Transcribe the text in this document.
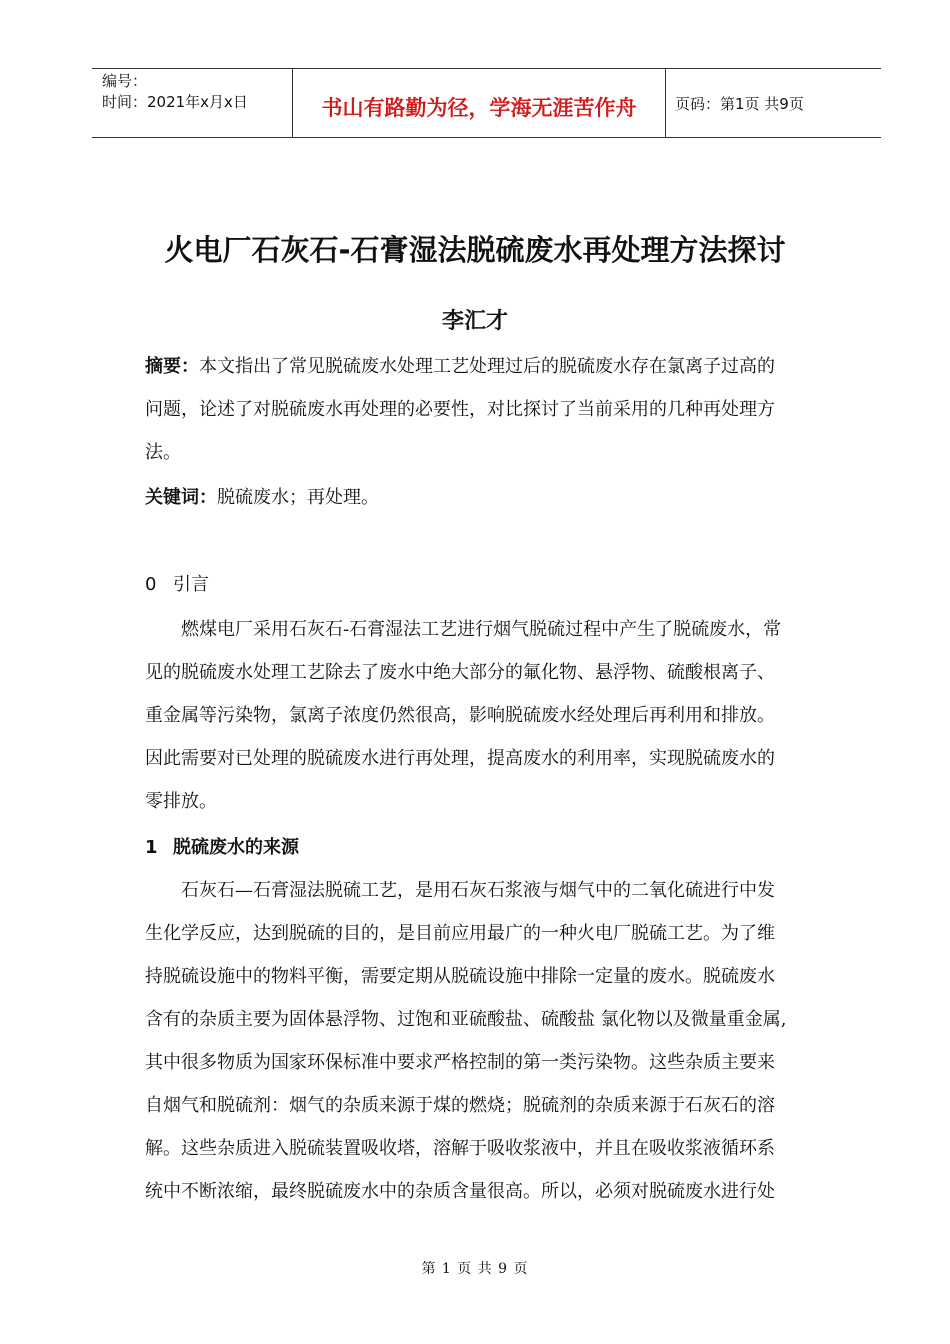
编号：
时间：2021年x月x日	书山有路勤为径，学海无涯苦作舟	页码：第1页 共9页
火电厂石灰石-石膏湿法脱硫废水再处理方法探讨
李汇才
摘要：本文指出了常见脱硫废水处理工艺处理过后的脱硫废水存在氯离子过高的
问题，论述了对脱硫废水再处理的必要性，对比探讨了当前采用的几种再处理方
法。
关键词：脱硫废水；再处理。
0 引言
燃煤电厂采用石灰石-石膏湿法工艺进行烟气脱硫过程中产生了脱硫废水，常
见的脱硫废水处理工艺除去了废水中绝大部分的氟化物、悬浮物、硫酸根离子、
重金属等污染物，氯离子浓度仍然很高，影响脱硫废水经处理后再利用和排放。
因此需要对已处理的脱硫废水进行再处理，提高废水的利用率，实现脱硫废水的
零排放。
1 脱硫废水的来源
石灰石—石膏湿法脱硫工艺，是用石灰石浆液与烟气中的二氧化硫进行中发
生化学反应，达到脱硫的目的，是目前应用最广的一种火电厂脱硫工艺。为了维
持脱硫设施中的物料平衡，需要定期从脱硫设施中排除一定量的废水。脱硫废水
含有的杂质主要为固体悬浮物、过饱和亚硫酸盐、硫酸盐 氯化物以及微量重金属,
其中很多物质为国家环保标准中要求严格控制的第一类污染物。这些杂质主要来
自烟气和脱硫剂：烟气的杂质来源于煤的燃烧；脱硫剂的杂质来源于石灰石的溶
解。这些杂质进入脱硫装置吸收塔，溶解于吸收浆液中，并且在吸收浆液循环系
统中不断浓缩，最终脱硫废水中的杂质含量很高。所以，必须对脱硫废水进行处
第 1 页 共 9 页
